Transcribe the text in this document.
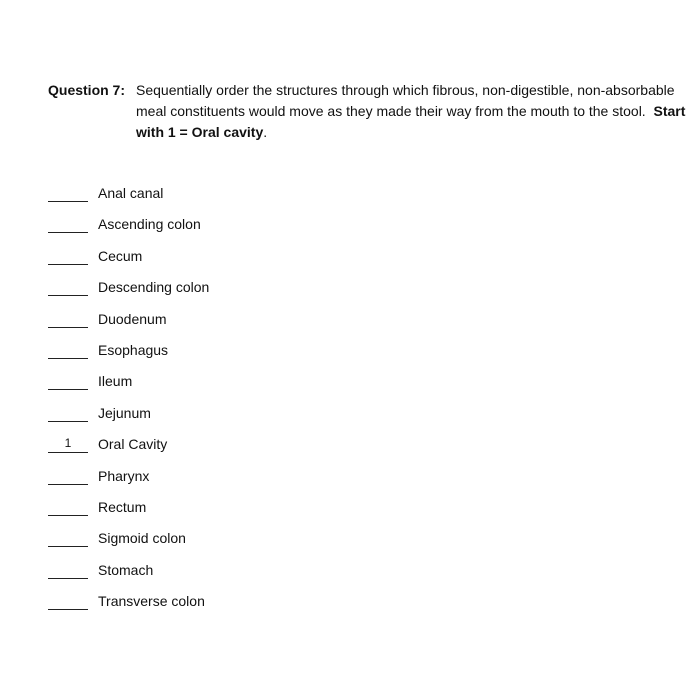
Question 7: Sequentially order the structures through which fibrous, non-digestible, non-absorbable
meal constituents would move as they made their way from the mouth to the stool. Start
with 1 = Oral cavity.
Anal canal
Ascending colon
Cecum
Descending colon
Duodenum
Esophagus
Ileum
Jejunum
1	Oral Cavity
Pharynx
Rectum
Sigmoid colon
Stomach
Transverse colon
